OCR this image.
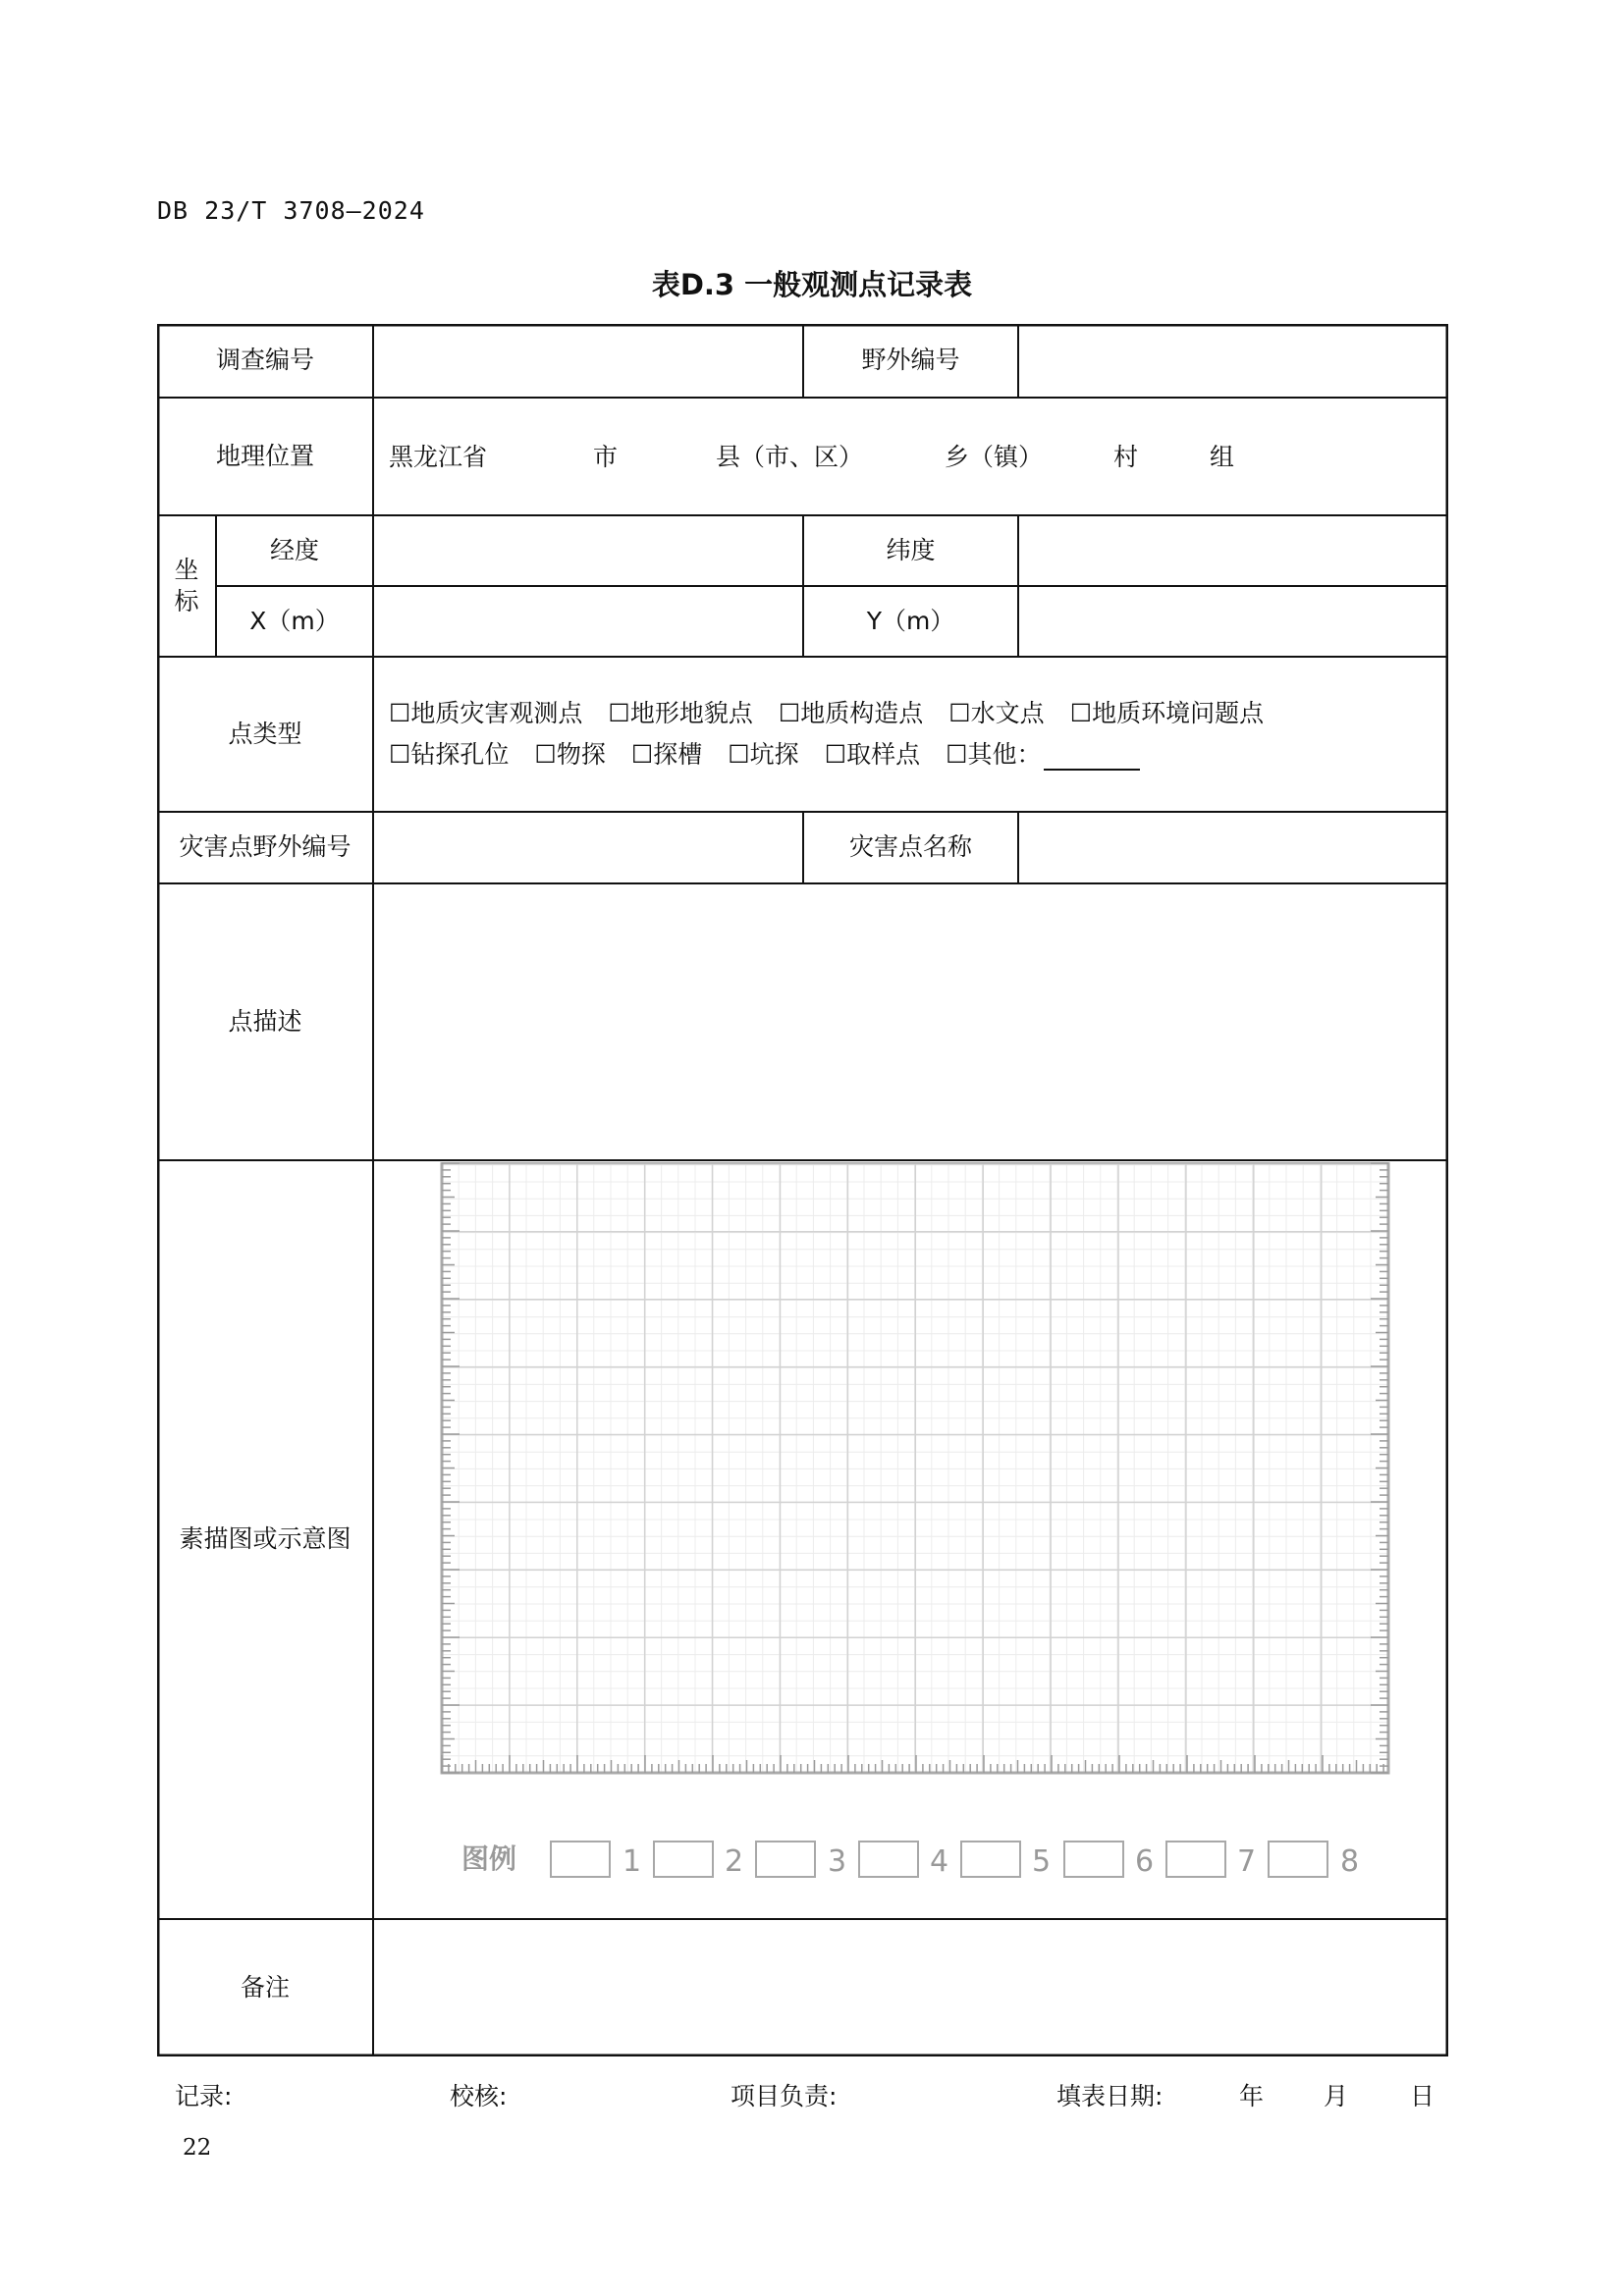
DB 23/T 3708—2024
表D.3 一般观测点记录表
调查编号	野外编号
地理位置	黑龙江省	市	县（市、区）	乡（镇）	村	组
坐
标
经度	纬度
X（m）	Y（m）
点类型
☐地质灾害观测点 ☐地形地貌点 ☐地质构造点 ☐水文点 ☐地质环境问题点
☐钻探孔位 ☐物探 ☐探槽 ☐坑探 ☐取样点 ☐其他：
灾害点野外编号	灾害点名称
点描述
素描图或示意图
图例	1	2	3	4	5	6	7	8
备注
记录:	校核:	项目负责:	填表日期:	年 月	日
22
